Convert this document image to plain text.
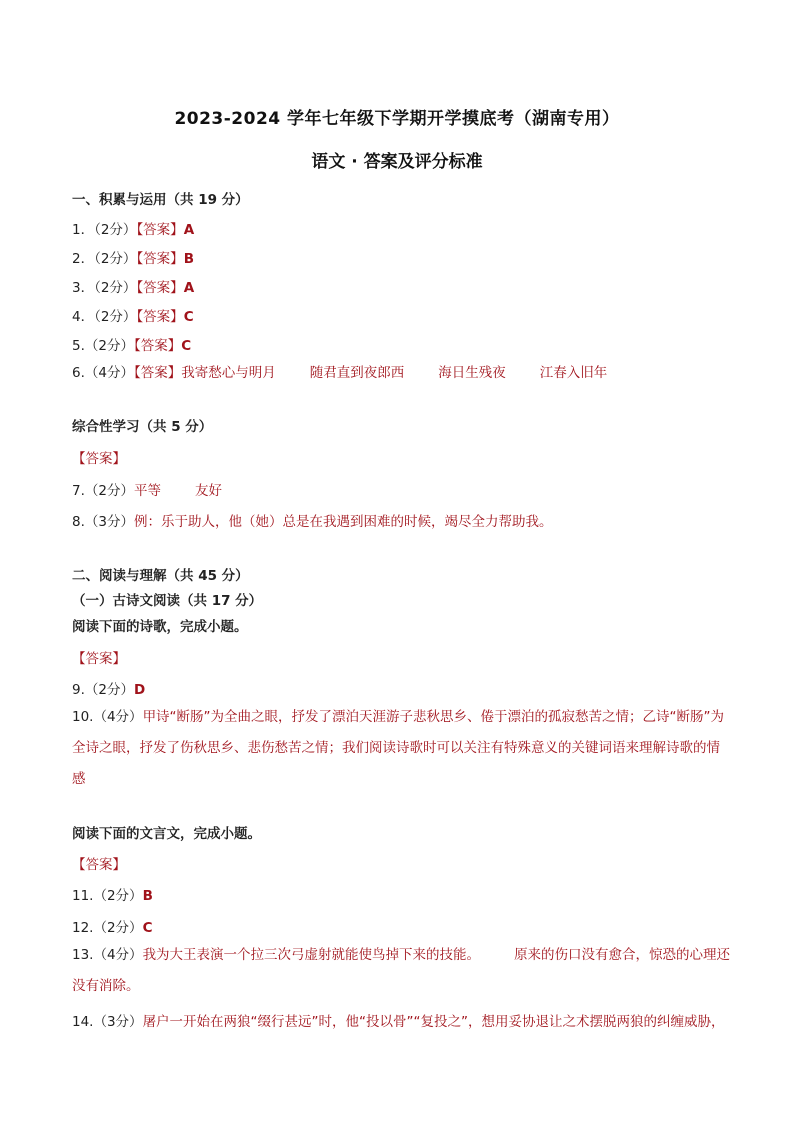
2023-2024 学年七年级下学期开学摸底考（湖南专用）
语文 · 答案及评分标准
一、积累与运用（共 19 分）
1．（2分）【答案】A
2．（2分）【答案】B
3．（2分）【答案】A
4．（2分）【答案】C
5.（2分）【答案】C
6.（4分）【答案】我寄愁心与明月	随君直到夜郎西	海日生残夜	江春入旧年
综合性学习（共 5 分）
【答案】
7.（2分）平等	友好
8.（3分）例：乐于助人，他（她）总是在我遇到困难的时候，竭尽全力帮助我。
二、阅读与理解（共 45 分）
（一）古诗文阅读（共 17 分）
阅读下面的诗歌，完成小题。
【答案】
9.（2分）D
10.（4分）甲诗“断肠”为全曲之眼，抒发了漂泊天涯游子悲秋思乡、倦于漂泊的孤寂愁苦之情；乙诗“断肠”为全诗之眼，抒发了伤秋思乡、悲伤愁苦之情；我们阅读诗歌时可以关注有特殊意义的关键词语来理解诗歌的情感
阅读下面的文言文，完成小题。
【答案】
11.（2分）B
12.（2分）C
13.（4分）我为大王表演一个拉三次弓虚射就能使鸟掉下来的技能。	原来的伤口没有愈合，惊恐的心理还没有消除。
14.（3分）屠户一开始在两狼“缀行甚远”时，他“投以骨”“复投之”，想用妥协退让之术摆脱两狼的纠缠威胁，
